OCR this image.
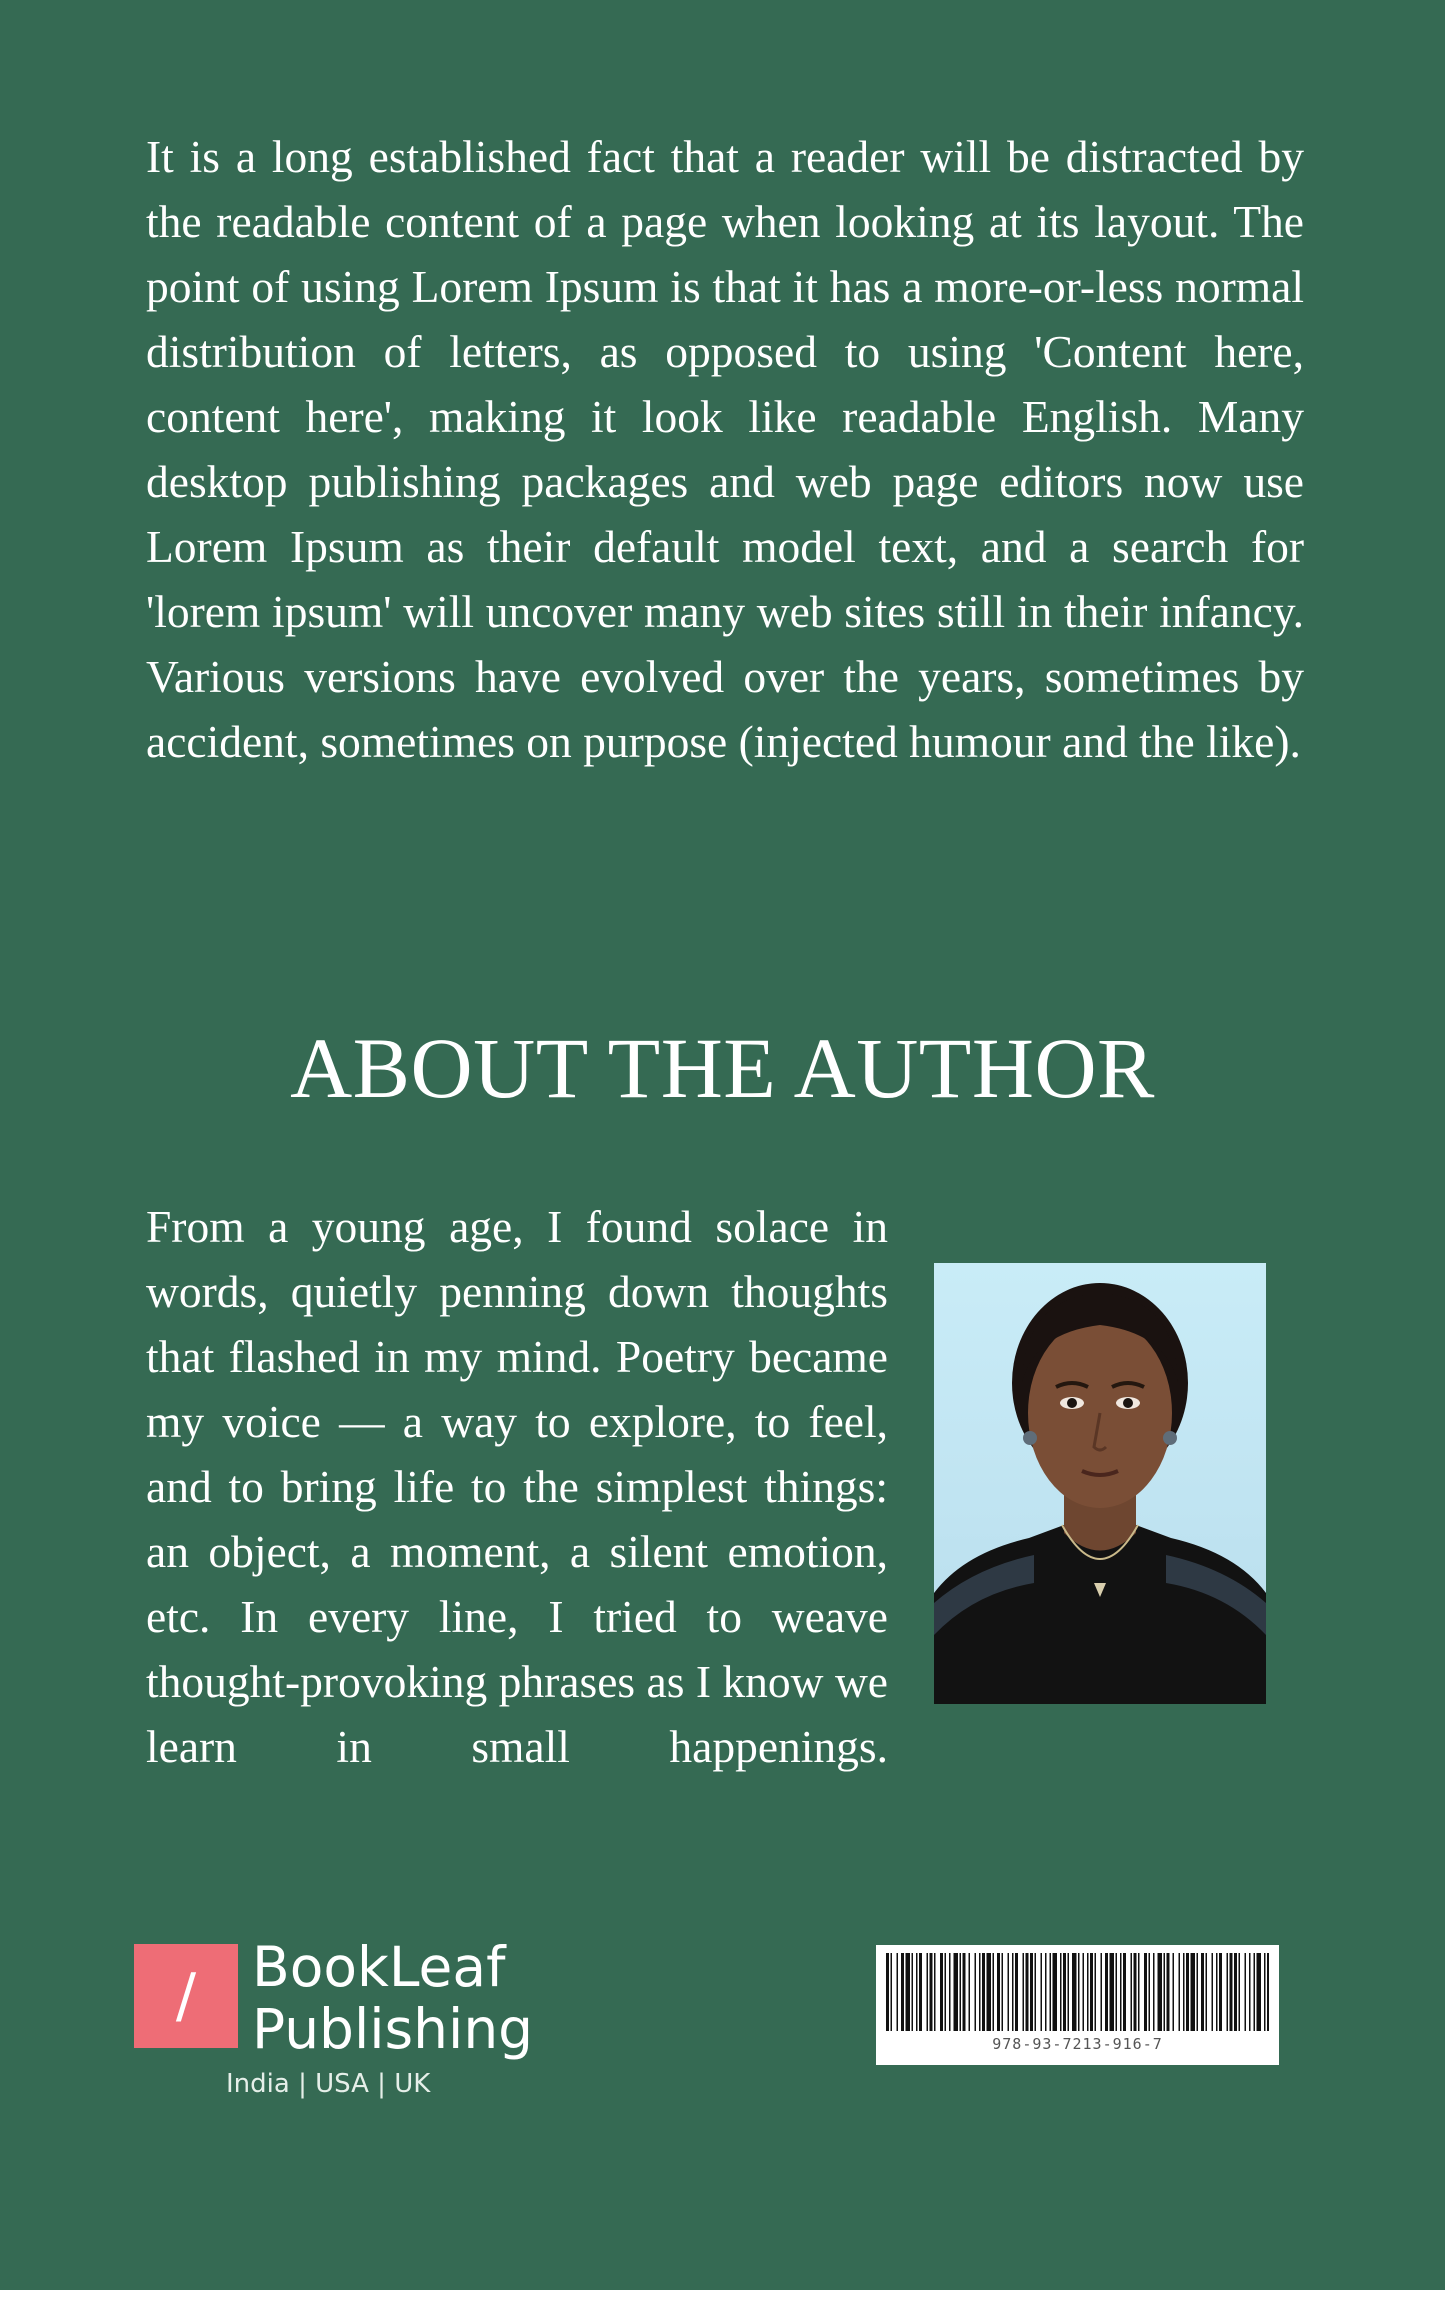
It is a long established fact that a reader will be distracted by the readable content of a page when looking at its layout. The point of using Lorem Ipsum is that it has a more-or-less normal distribution of letters, as opposed to using 'Content here, content here', making it look like readable English. Many desktop publishing packages and web page editors now use Lorem Ipsum as their default model text, and a search for 'lorem ipsum' will uncover many web sites still in their infancy. Various versions have evolved over the years, sometimes by accident, sometimes on purpose (injected humour and the like).

ABOUT THE AUTHOR

From a young age, I found solace in words, quietly penning down thoughts that flashed in my mind. Poetry became my voice — a way to explore, to feel, and to bring life to the simplest things: an object, a moment, a silent emotion, etc. In every line, I tried to weave thought-provoking phrases as I know we learn in small happenings.

/	BookLeaf
Publishing
India | USA | UK
978-93-7213-916-7
